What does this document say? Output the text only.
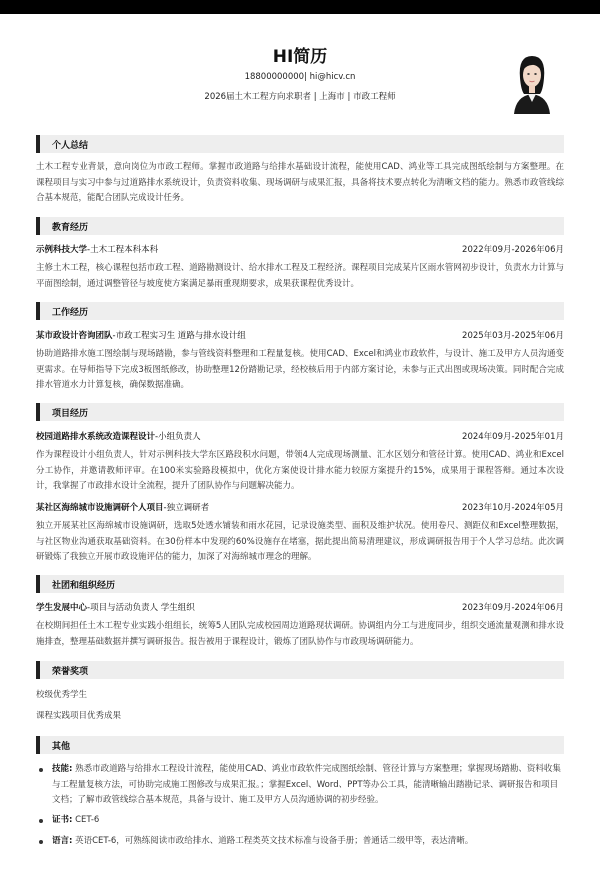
HI简历
18800000000| hi@hicv.cn
2026届土木工程方向求职者 | 上海市 | 市政工程师
个人总结
土木工程专业背景，意向岗位为市政工程师。掌握市政道路与给排水基础设计流程，能使用CAD、鸿业等工具完成图纸绘制与方案整理。在课程项目与实习中参与过道路排水系统设计，负责资料收集、现场调研与成果汇报，具备将技术要点转化为清晰文档的能力。熟悉市政管线综合基本规范，能配合团队完成设计任务。
教育经历
示例科技大学-土木工程本科本科	2022年09月-2026年06月
主修土木工程，核心课程包括市政工程、道路勘测设计、给水排水工程及工程经济。课程项目完成某片区雨水管网初步设计，负责水力计算与平面图绘制，通过调整管径与坡度使方案满足暴雨重现期要求，成果获课程优秀设计。
工作经历
某市政设计咨询团队-市政工程实习生 道路与排水设计组	2025年03月-2025年06月
协助道路排水施工图绘制与现场踏勘，参与管线资料整理和工程量复核。使用CAD、Excel和鸿业市政软件，与设计、施工及甲方人员沟通变更需求。在导师指导下完成3板图纸修改，协助整理12份踏勘记录，经校核后用于内部方案讨论，未参与正式出图或现场决策。同时配合完成排水管道水力计算复核，确保数据准确。
项目经历
校园道路排水系统改造课程设计-小组负责人	2024年09月-2025年01月
作为课程设计小组负责人，针对示例科技大学东区路段积水问题，带领4人完成现场测量、汇水区划分和管径计算。使用CAD、鸿业和Excel分工协作，并邀请教师评审。在100米实验路段模拟中，优化方案使设计排水能力较原方案提升约15%，成果用于课程答辩。通过本次设计，我掌握了市政排水设计全流程，提升了团队协作与问题解决能力。
某社区海绵城市设施调研个人项目-独立调研者	2023年10月-2024年05月
独立开展某社区海绵城市设施调研，选取5处透水铺装和雨水花园，记录设施类型、面积及维护状况。使用卷尺、测距仪和Excel整理数据，与社区物业沟通获取基础资料。在30份样本中发现约60%设施存在堵塞，据此提出简易清理建议，形成调研报告用于个人学习总结。此次调研锻炼了我独立开展市政设施评估的能力，加深了对海绵城市理念的理解。
社团和组织经历
学生发展中心-项目与活动负责人 学生组织	2023年09月-2024年06月
在校期间担任土木工程专业实践小组组长，统筹5人团队完成校园周边道路现状调研。协调组内分工与进度同步，组织交通流量观测和排水设施排查，整理基础数据并撰写调研报告。报告被用于课程设计，锻炼了团队协作与市政现场调研能力。
荣誉奖项
校级优秀学生
课程实践项目优秀成果
其他
技能: 熟悉市政道路与给排水工程设计流程，能使用CAD、鸿业市政软件完成图纸绘制、管径计算与方案整理；掌握现场踏勘、资料收集与工程量复核方法，可协助完成施工图修改与成果汇报。；掌握Excel、Word、PPT等办公工具，能清晰输出踏勘记录、调研报告和项目文档；了解市政管线综合基本规范，具备与设计、施工及甲方人员沟通协调的初步经验。
证书: CET-6
语言: 英语CET-6，可熟练阅读市政给排水、道路工程类英文技术标准与设备手册；普通话二级甲等，表达清晰。
